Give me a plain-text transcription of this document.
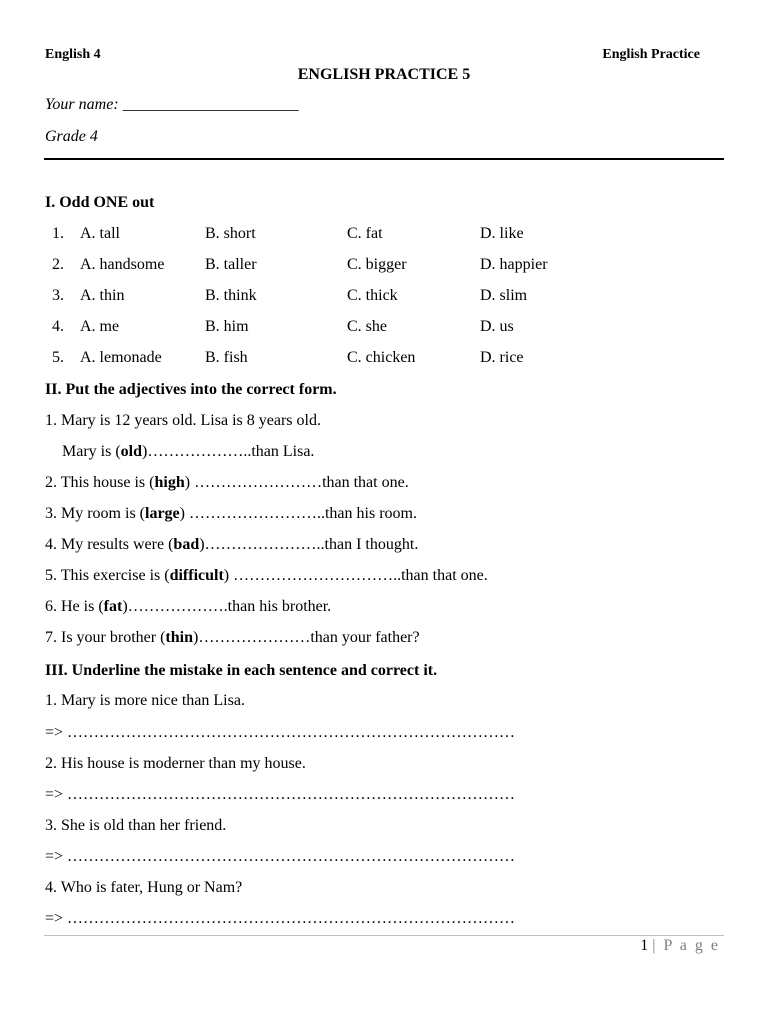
English 4	English Practice
ENGLISH PRACTICE 5
Your name: ______________________
Grade 4
I. Odd ONE out
1. A. tall	B. short	C. fat	D. like
2. A. handsome	B. taller	C. bigger	D. happier
3. A. thin	B. think	C. thick	D. slim
4. A. me	B. him	C. she	D. us
5. A. lemonade	B. fish	C. chicken	D. rice
II. Put the adjectives into the correct form.
1. Mary is 12 years old. Lisa is 8 years old.
Mary is (old)………………..than Lisa.
2. This house is (high) ……………………than that one.
3. My room is (large) ……………………..than his room.
4. My results were (bad)…………………..than I thought.
5. This exercise is (difficult) …………………………..than that one.
6. He is (fat)……………….than his brother.
7. Is your brother (thin)…………………than your father?
III. Underline the mistake in each sentence and correct it.
1. Mary is more nice than Lisa.
=> …………………………………………………………………………
2. His house is moderner than my house.
=> …………………………………………………………………………
3. She is old than her friend.
=> …………………………………………………………………………
4. Who is fater, Hung or Nam?
=> …………………………………………………………………………
1 | P a g e
